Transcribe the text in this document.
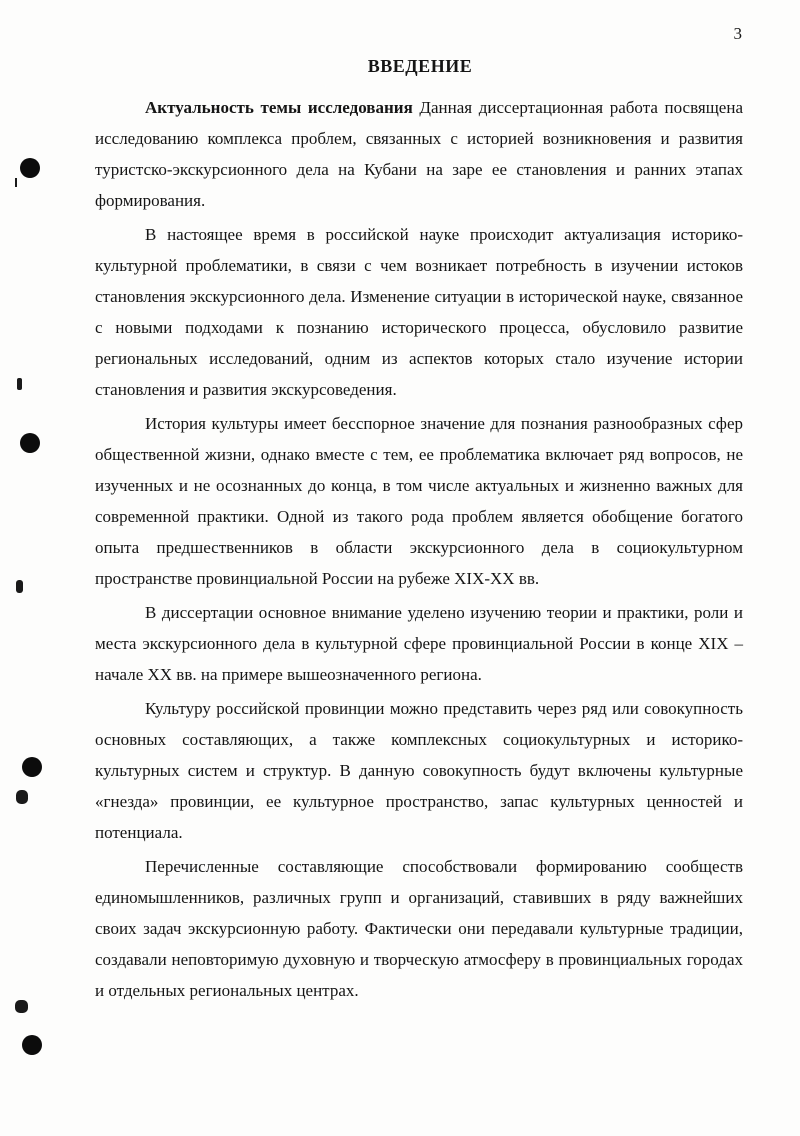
3
ВВЕДЕНИЕ

Актуальность темы исследования Данная диссертационная работа посвящена исследованию комплекса проблем, связанных с историей возникновения и развития туристско-экскурсионного дела на Кубани на заре ее становления и ранних этапах формирования.

В настоящее время в российской науке происходит актуализация историко-культурной проблематики, в связи с чем возникает потребность в изучении истоков становления экскурсионного дела. Изменение ситуации в исторической науке, связанное с новыми подходами к познанию исторического процесса, обусловило развитие региональных исследований, одним из аспектов которых стало изучение истории становления и развития экскурсоведения.

История культуры имеет бесспорное значение для познания разнообразных сфер общественной жизни, однако вместе с тем, ее проблематика включает ряд вопросов, не изученных и не осознанных до конца, в том числе актуальных и жизненно важных для современной практики. Одной из такого рода проблем является обобщение богатого опыта предшественников в области экскурсионного дела в социокультурном пространстве провинциальной России на рубеже XIX-XX вв.

В диссертации основное внимание уделено изучению теории и практики, роли и места экскурсионного дела в культурной сфере провинциальной России в конце XIX – начале XX вв. на примере вышеозначенного региона.

Культуру российской провинции можно представить через ряд или совокупность основных составляющих, а также комплексных социокультурных и историко-культурных систем и структур. В данную совокупность будут включены культурные «гнезда» провинции, ее культурное пространство, запас культурных ценностей и потенциала.

Перечисленные составляющие способствовали формированию сообществ единомышленников, различных групп и организаций, ставивших в ряду важнейших своих задач экскурсионную работу. Фактически они передавали культурные традиции, создавали неповторимую духовную и творческую атмосферу в провинциальных городах и отдельных региональных центрах.
